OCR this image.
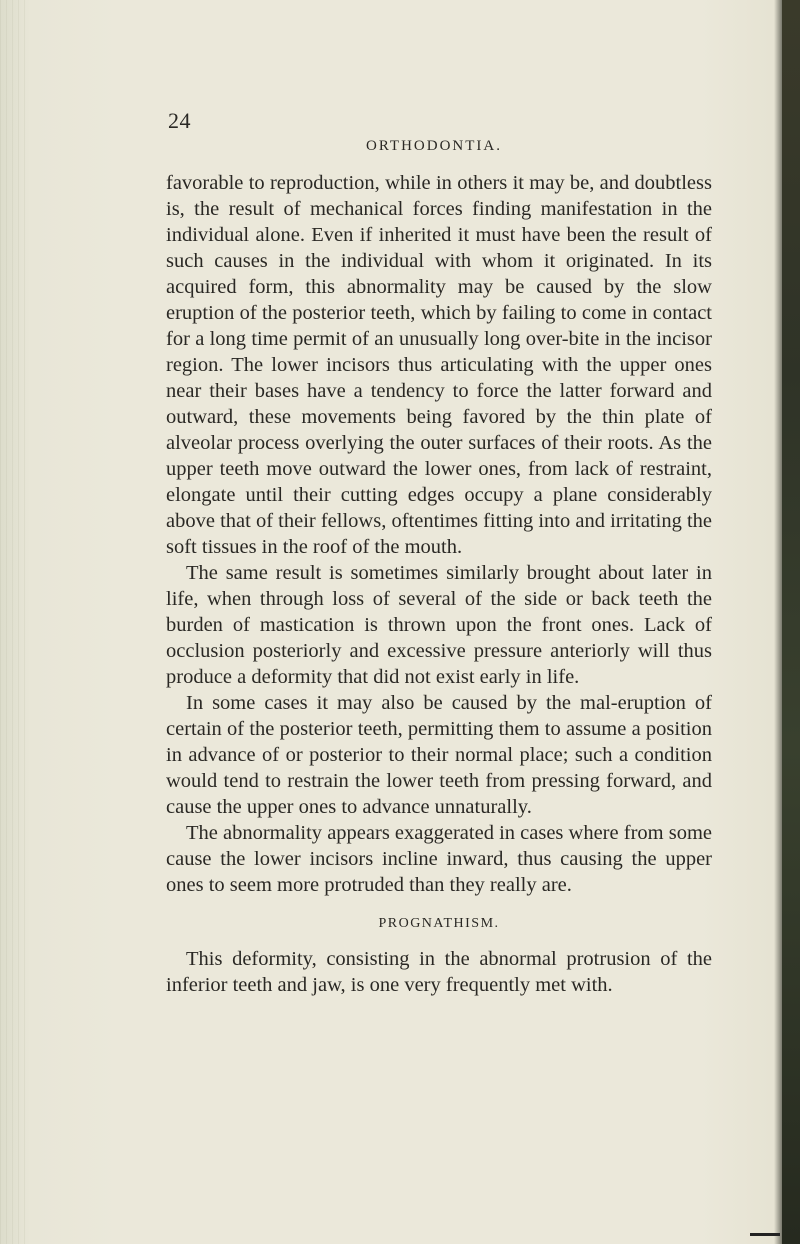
24
ORTHODONTIA.

favorable to reproduction, while in others it may be, and doubtless is, the result of mechanical forces finding manifestation in the individual alone. Even if inherited it must have been the result of such causes in the individual with whom it originated. In its acquired form, this abnormality may be caused by the slow eruption of the posterior teeth, which by failing to come in contact for a long time permit of an unusually long over-bite in the incisor region. The lower incisors thus articulating with the upper ones near their bases have a tendency to force the latter forward and outward, these movements being favored by the thin plate of alveolar process overlying the outer surfaces of their roots. As the upper teeth move outward the lower ones, from lack of restraint, elongate until their cutting edges occupy a plane considerably above that of their fellows, oftentimes fitting into and irritating the soft tissues in the roof of the mouth.

The same result is sometimes similarly brought about later in life, when through loss of several of the side or back teeth the burden of mastication is thrown upon the front ones. Lack of occlusion posteriorly and excessive pressure anteriorly will thus produce a deformity that did not exist early in life.

In some cases it may also be caused by the mal-eruption of certain of the posterior teeth, permitting them to assume a position in advance of or posterior to their normal place; such a condition would tend to restrain the lower teeth from pressing forward, and cause the upper ones to advance unnaturally.

The abnormality appears exaggerated in cases where from some cause the lower incisors incline inward, thus causing the upper ones to seem more protruded than they really are.

PROGNATHISM.

This deformity, consisting in the abnormal protrusion of the inferior teeth and jaw, is one very frequently met with.
